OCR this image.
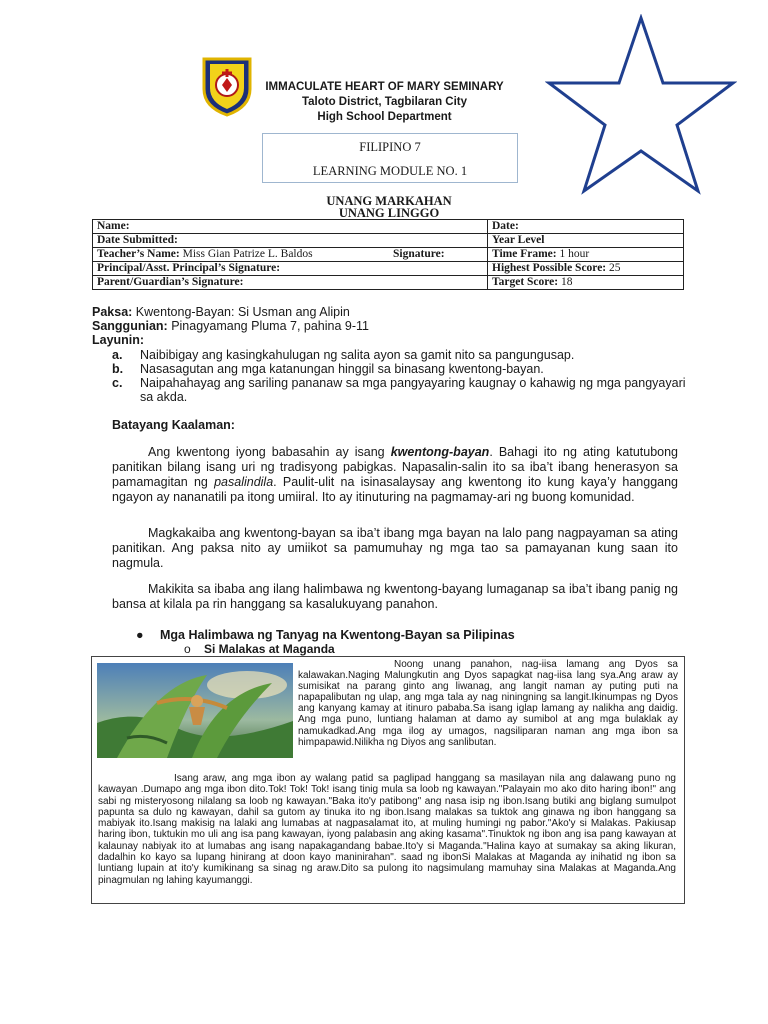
IMMACULATE HEART OF MARY SEMINARY
Taloto District, Tagbilaran City
High School Department
FILIPINO 7
LEARNING MODULE NO. 1
UNANG MARKAHAN
UNANG LINGGO
Name:	Date:
Date Submitted:	Year Level
Teacher’s Name: Miss Gian Patrize L. Baldos Signature:	Time Frame: 1 hour
Principal/Asst. Principal’s Signature:	Highest Possible Score: 25
Parent/Guardian’s Signature:	Target Score: 18
Paksa: Kwentong-Bayan: Si Usman ang Alipin
Sanggunian: Pinagyamang Pluma 7, pahina 9-11
Layunin:
a. Naibibigay ang kasingkahulugan ng salita ayon sa gamit nito sa pangungusap.
b. Nasasagutan ang mga katanungan hinggil sa binasang kwentong-bayan.
c. Naipahahayag ang sariling pananaw sa mga pangyayaring kaugnay o kahawig ng mga pangyayari sa akda.
Batayang Kaalaman:

Ang kwentong iyong babasahin ay isang kwentong-bayan. Bahagi ito ng ating katutubong panitikan bilang isang uri ng tradisyong pabigkas. Napasalin-salin ito sa iba’t ibang henerasyon sa pamamagitan ng pasalindila. Paulit-ulit na isinasalaysay ang kwentong ito kung kaya’y hanggang ngayon ay nananatili pa itong umiiral. Ito ay itinuturing na pagmamay-ari ng buong komunidad.

Magkakaiba ang kwentong-bayan sa iba’t ibang mga bayan na lalo pang nagpayaman sa ating panitikan. Ang paksa nito ay umiikot sa pamumuhay ng mga tao sa pamayanan kung saan ito nagmula.

Makikita sa ibaba ang ilang halimbawa ng kwentong-bayang lumaganap sa iba’t ibang panig ng bansa at kilala pa rin hanggang sa kasalukuyang panahon.

● Mga Halimbawa ng Tanyag na Kwentong-Bayan sa Pilipinas
o Si Malakas at Maganda
Noong unang panahon, nag-iisa lamang ang Dyos sa kalawakan.Naging Malungkutin ang Dyos sapagkat nag-iisa lang sya.Ang araw ay sumisikat na parang ginto ang liwanag, ang langit naman ay puting puti na napapalibutan ng ulap, ang mga tala ay nag niningning sa langit.Ikinumpas ng Dyos ang kanyang kamay at itinuro pababa.Sa isang iglap lamang ay nalikha ang daidig. Ang mga puno, luntiang halaman at damo ay sumibol at ang mga bulaklak ay namukadkad.Ang mga ilog ay umagos, nagsiliparan naman ang mga ibon sa himpapawid.Nilikha ng Diyos ang sanlibutan.

Isang araw, ang mga ibon ay walang patid sa paglipad hanggang sa masilayan nila ang dalawang puno ng kawayan .Dumapo ang mga ibon dito.Tok! Tok! Tok! isang tinig mula sa loob ng kawayan."Palayain mo ako dito haring ibon!" ang sabi ng misteryosong nilalang sa loob ng kawayan."Baka ito'y patibong" ang nasa isip ng ibon.Isang butiki ang biglang sumulpot papunta sa dulo ng kawayan, dahil sa gutom ay tinuka ito ng ibon.Isang malakas sa tuktok ang ginawa ng ibon hanggang sa mabiyak ito.Isang makisig na lalaki ang lumabas at nagpasalamat ito, at muling humingi ng pabor."Ako'y si Malakas. Pakiusap haring ibon, tuktukin mo uli ang isa pang kawayan, iyong palabasin ang aking kasama".Tinuktok ng ibon ang isa pang kawayan at kalaunay nabiyak ito at lumabas ang isang napakagandang babae.Ito'y si Maganda."Halina kayo at sumakay sa aking likuran, dadalhin ko kayo sa lupang hinirang at doon kayo maninirahan". saad ng ibonSi Malakas at Maganda ay inihatid ng ibon sa luntiang lupain at ito'y kumikinang sa sinag ng araw.Dito sa pulong ito nagsimulang mamuhay sina Malakas at Maganda.Ang pinagmulan ng lahing kayumanggi.
